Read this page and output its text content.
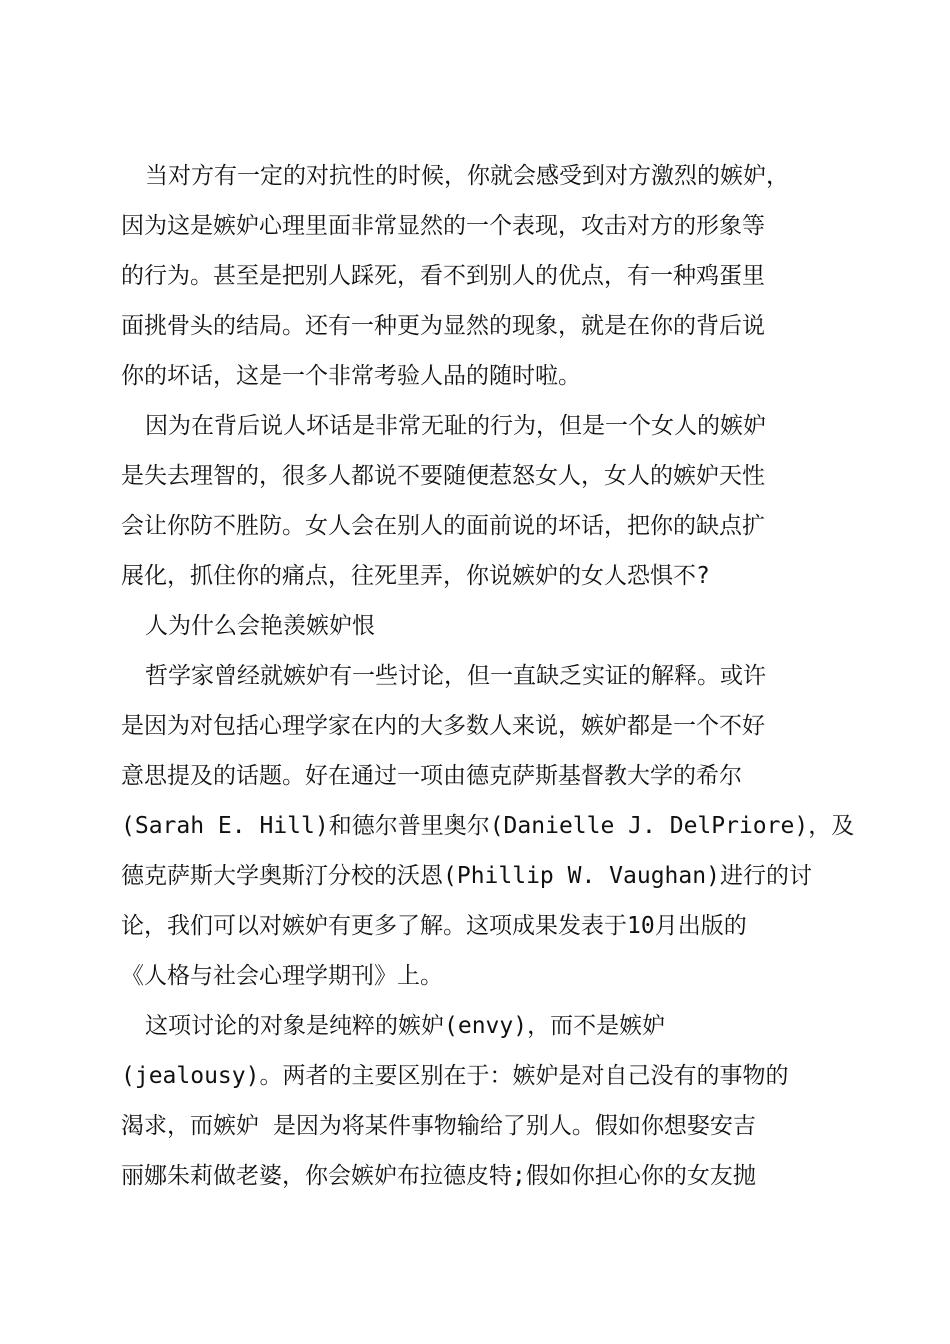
当对方有一定的对抗性的时候，你就会感受到对方激烈的嫉妒，
因为这是嫉妒心理里面非常显然的一个表现，攻击对方的形象等
的行为。甚至是把别人踩死，看不到别人的优点，有一种鸡蛋里
面挑骨头的结局。还有一种更为显然的现象，就是在你的背后说
你的坏话，这是一个非常考验人品的随时啦。

因为在背后说人坏话是非常无耻的行为，但是一个女人的嫉妒
是失去理智的，很多人都说不要随便惹怒女人，女人的嫉妒天性
会让你防不胜防。女人会在别人的面前说的坏话，把你的缺点扩
展化，抓住你的痛点，往死里弄，你说嫉妒的女人恐惧不?

人为什么会艳羡嫉妒恨

哲学家曾经就嫉妒有一些讨论，但一直缺乏实证的解释。或许
是因为对包括心理学家在内的大多数人来说，嫉妒都是一个不好
意思提及的话题。好在通过一项由德克萨斯基督教大学的希尔
(Sarah E. Hill)和德尔普里奥尔(Danielle J. DelPriore)，及
德克萨斯大学奥斯汀分校的沃恩(Phillip W. Vaughan)进行的讨
论，我们可以对嫉妒有更多了解。这项成果发表于10月出版的
《人格与社会心理学期刊》上。

这项讨论的对象是纯粹的嫉妒(envy)，而不是嫉妒
(jealousy)。两者的主要区别在于：嫉妒是对自己没有的事物的
渴求，而嫉妒 是因为将某件事物输给了别人。假如你想娶安吉
丽娜朱莉做老婆，你会嫉妒布拉德皮特;假如你担心你的女友抛
